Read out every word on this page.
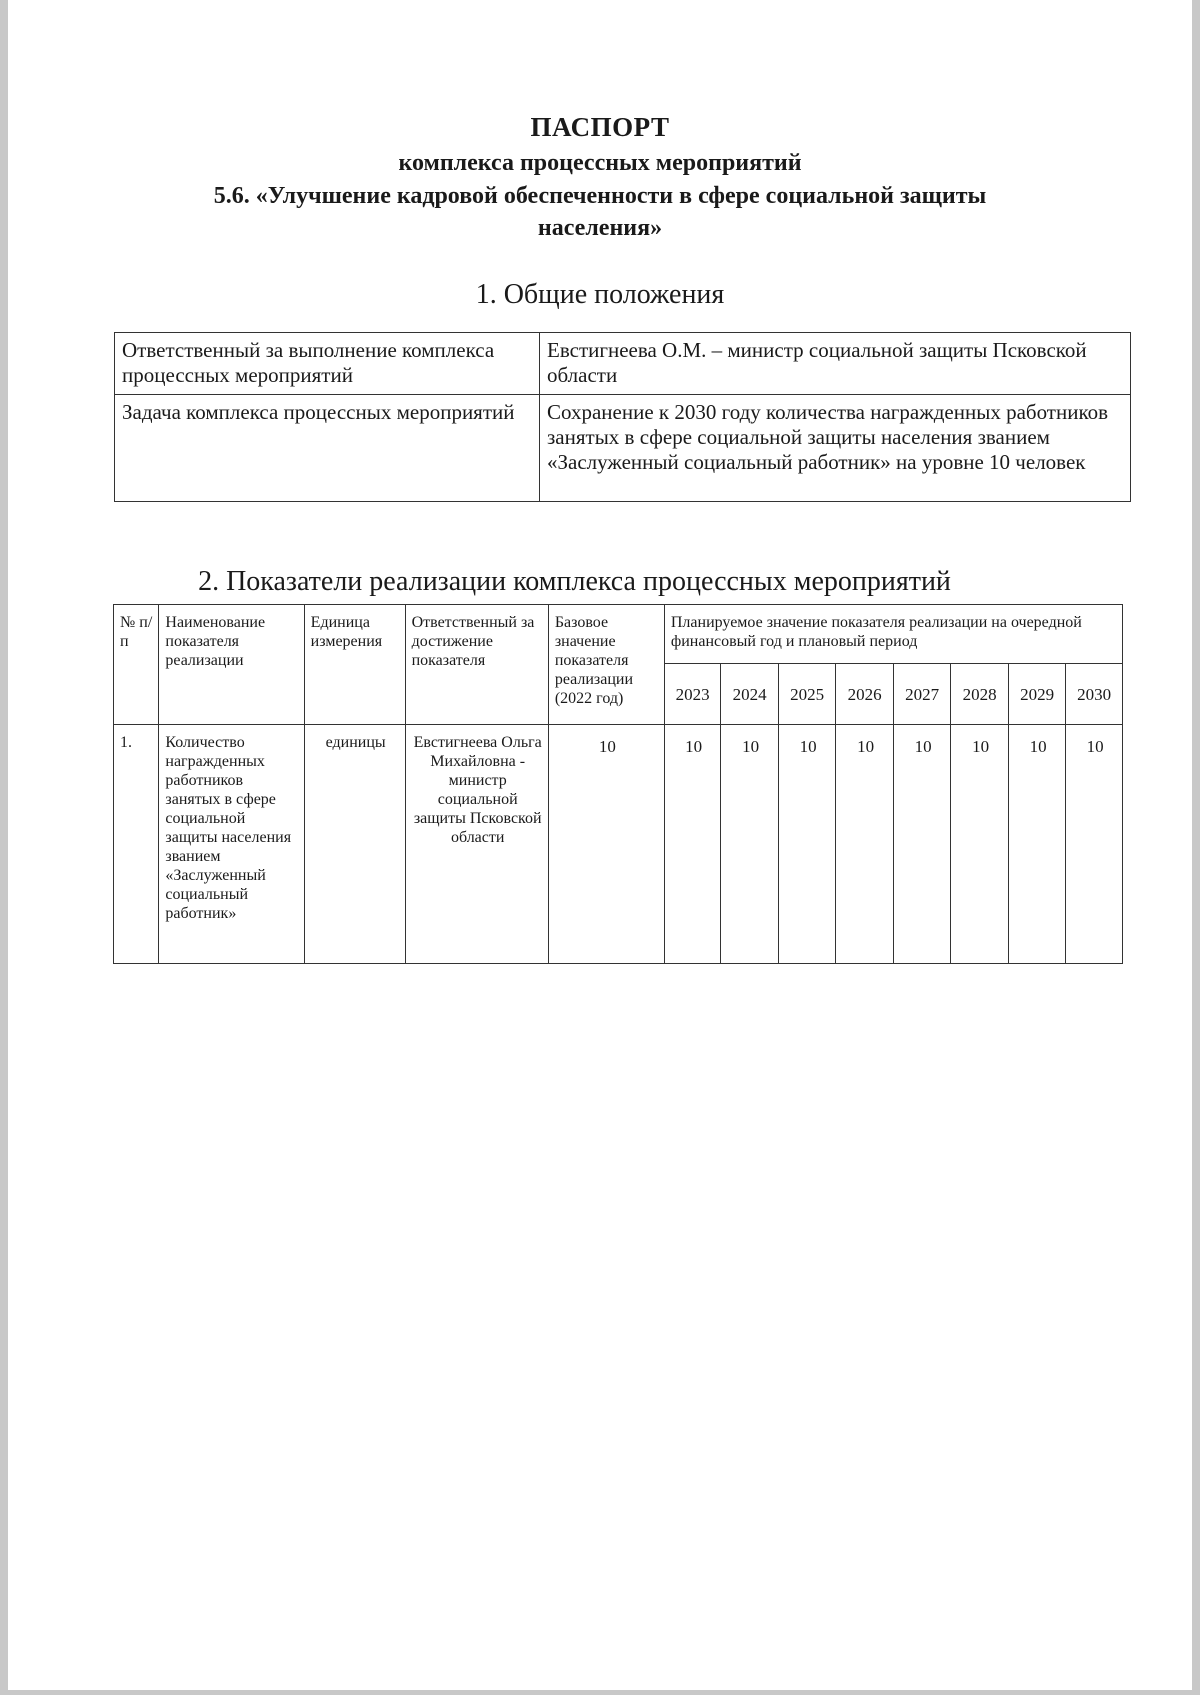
ПАСПОРТ
комплекса процессных мероприятий
5.6. «Улучшение кадровой обеспеченности в сфере социальной защиты
населения»
1. Общие положения
Ответственный за выполнение комплекса процессных мероприятий	Евстигнеева О.М. – министр социальной защиты Псковской области
Задача комплекса процессных мероприятий	Сохранение к 2030 году количества награжденных работников занятых в сфере социальной защиты населения званием «Заслуженный социальный работник» на уровне 10 человек
2. Показатели реализации комплекса процессных мероприятий
№ п/п	Наименование показателя реализации	Единица измерения	Ответственный за достижение показателя	Базовое значение показателя реализации (2022 год)	Планируемое значение показателя реализации на очередной финансовый год и плановый период							
					2023	2024	2025	2026	2027	2028	2029	2030
1.	Количество награжденных работников занятых в сфере социальной защиты населения званием «Заслуженный социальный работник»	единицы	Евстигнеева Ольга Михайловна - министр социальной защиты Псковской области	10	10	10	10	10	10	10	10	10
